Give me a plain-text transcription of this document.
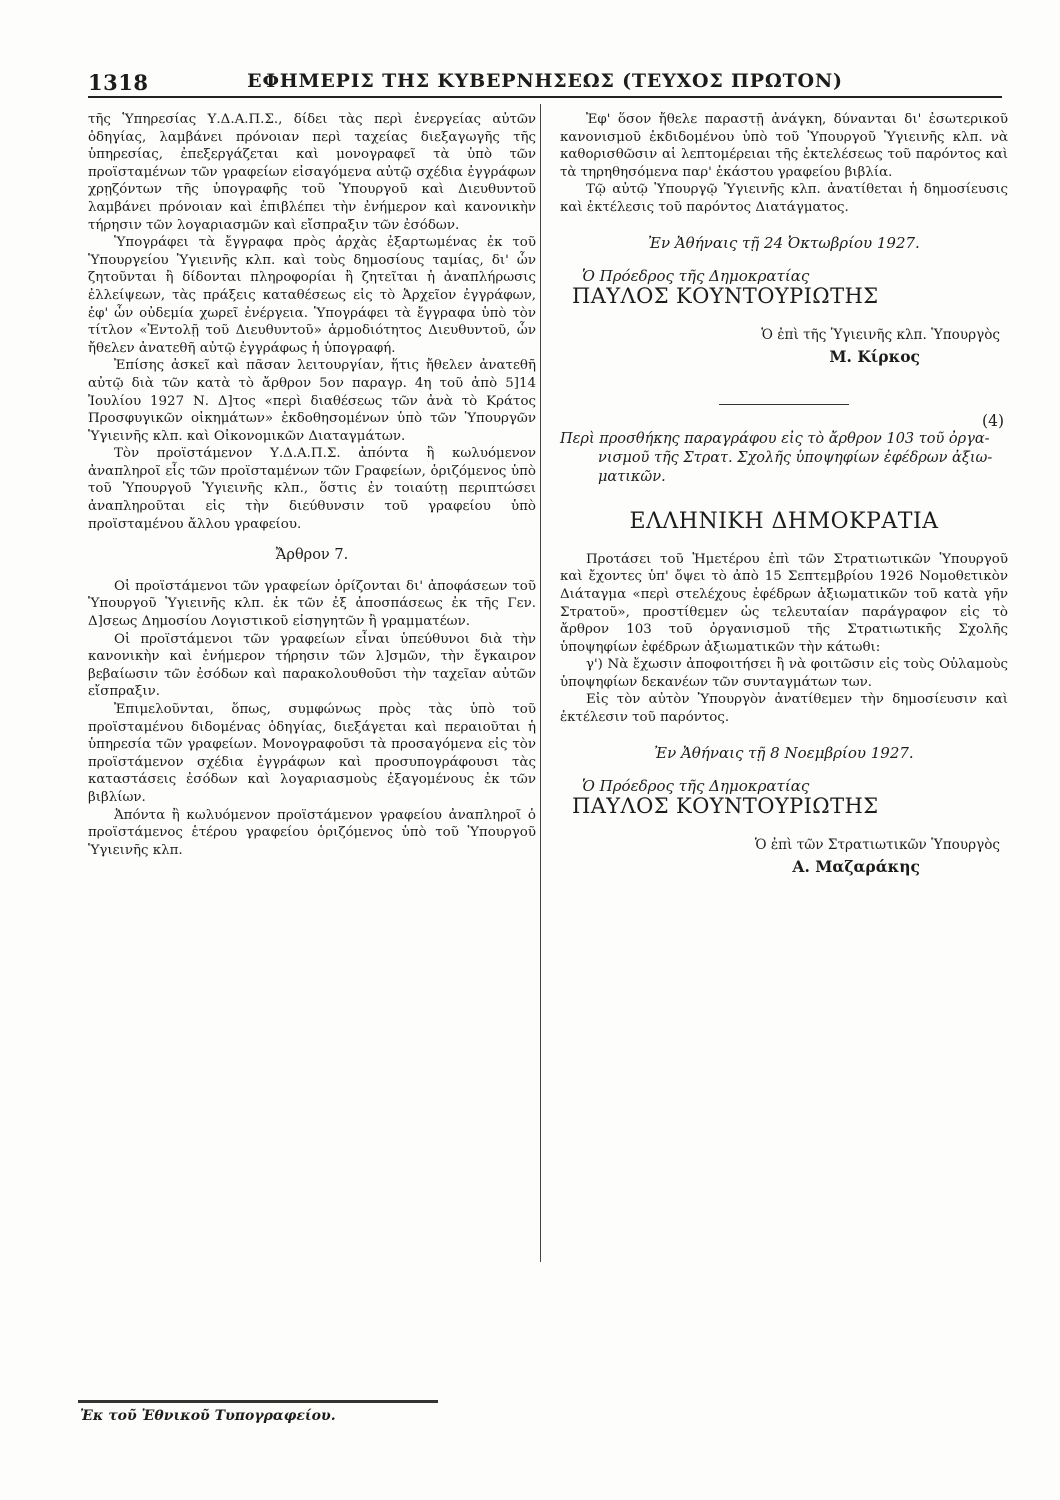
1318	ΕΦΗΜΕΡΙΣ ΤΗΣ ΚΥΒΕΡΝΗΣΕΩΣ (ΤΕΥΧΟΣ ΠΡΩΤΟΝ)

τῆς Ὑπηρεσίας Υ.Δ.Α.Π.Σ., δίδει τὰς περὶ ἐνεργείας αὐτῶν ὁδηγίας, λαμβάνει πρόνοιαν περὶ ταχείας διεξαγωγῆς τῆς ὑπηρεσίας, ἐπεξεργάζεται καὶ μονογραφεῖ τὰ ὑπὸ τῶν προϊσταμένων τῶν γραφείων εἰσαγόμενα αὐτῷ σχέδια ἐγγράφων χρῃζόντων τῆς ὑπογραφῆς τοῦ Ὑπουργοῦ καὶ Διευθυντοῦ λαμβάνει πρόνοιαν καὶ ἐπιβλέπει τὴν ἐνήμερον καὶ κανονικὴν τήρησιν τῶν λογαριασμῶν καὶ εἴσπραξιν τῶν ἐσόδων.

Ὑπογράφει τὰ ἔγγραφα πρὸς ἀρχὰς ἐξαρτωμένας ἐκ τοῦ Ὑπουργείου Ὑγιεινῆς κλπ. καὶ τοὺς δημοσίους ταμίας, δι' ὧν ζητοῦνται ἢ δίδονται πληροφορίαι ἢ ζητεῖται ἡ ἀναπλήρωσις ἐλλείψεων, τὰς πράξεις καταθέσεως εἰς τὸ Ἀρχεῖον ἐγγράφων, ἐφ' ὧν οὐδεμία χωρεῖ ἐνέργεια. Ὑπογράφει τὰ ἔγγραφα ὑπὸ τὸν τίτλον «Ἐντολῇ τοῦ Διευθυντοῦ» ἁρμοδιότητος Διευθυντοῦ, ὧν ἤθελεν ἀνατεθῆ αὐτῷ ἐγγράφως ἡ ὑπογραφή.

Ἐπίσης ἀσκεῖ καὶ πᾶσαν λειτουργίαν, ἥτις ἤθελεν ἀνατεθῆ αὐτῷ διὰ τῶν κατὰ τὸ ἄρθρον 5ον παραγρ. 4η τοῦ ἀπὸ 5]14 Ἰουλίου 1927 Ν. Δ]τος «περὶ διαθέσεως τῶν ἀνὰ τὸ Κράτος Προσφυγικῶν οἰκημάτων» ἐκδοθησομένων ὑπὸ τῶν Ὑπουργῶν Ὑγιεινῆς κλπ. καὶ Οἰκονομικῶν Διαταγμάτων.

Τὸν προϊστάμενον Υ.Δ.Α.Π.Σ. ἀπόντα ἢ κωλυόμενον ἀναπληροῖ εἷς τῶν προϊσταμένων τῶν Γραφείων, ὁριζόμενος ὑπὸ τοῦ Ὑπουργοῦ Ὑγιεινῆς κλπ., ὅστις ἐν τοιαύτῃ περιπτώσει ἀναπληροῦται εἰς τὴν διεύθυνσιν τοῦ γραφείου ὑπὸ προϊσταμένου ἄλλου γραφείου.

Ἄρθρον 7.

Οἱ προϊστάμενοι τῶν γραφείων ὁρίζονται δι' ἀποφάσεων τοῦ Ὑπουργοῦ Ὑγιεινῆς κλπ. ἐκ τῶν ἐξ ἀποσπάσεως ἐκ τῆς Γεν. Δ]σεως Δημοσίου Λογιστικοῦ εἰσηγητῶν ἢ γραμματέων.

Οἱ προϊστάμενοι τῶν γραφείων εἶναι ὑπεύθυνοι διὰ τὴν κανονικὴν καὶ ἐνήμερον τήρησιν τῶν λ]σμῶν, τὴν ἔγκαιρον βεβαίωσιν τῶν ἐσόδων καὶ παρακολουθοῦσι τὴν ταχεῖαν αὐτῶν εἴσπραξιν.

Ἐπιμελοῦνται, ὅπως, συμφώνως πρὸς τὰς ὑπὸ τοῦ προϊσταμένου διδομένας ὁδηγίας, διεξάγεται καὶ περαιοῦται ἡ ὑπηρεσία τῶν γραφείων. Μονογραφοῦσι τὰ προσαγόμενα εἰς τὸν προϊστάμενον σχέδια ἐγγράφων καὶ προσυπογράφουσι τὰς καταστάσεις ἐσόδων καὶ λογαριασμοὺς ἐξαγομένους ἐκ τῶν βιβλίων.

Ἀπόντα ἢ κωλυόμενον προϊστάμενον γραφείου ἀναπληροῖ ὁ προϊστάμενος ἑτέρου γραφείου ὁριζόμενος ὑπὸ τοῦ Ὑπουργοῦ Ὑγιεινῆς κλπ.

Ἐφ' ὅσον ἤθελε παραστῇ ἀνάγκη, δύνανται δι' ἐσωτερικοῦ κανονισμοῦ ἐκδιδομένου ὑπὸ τοῦ Ὑπουργοῦ Ὑγιεινῆς κλπ. νὰ καθορισθῶσιν αἱ λεπτομέρειαι τῆς ἐκτελέσεως τοῦ παρόντος καὶ τὰ τηρηθησόμενα παρ' ἑκάστου γραφείου βιβλία.

Τῷ αὐτῷ Ὑπουργῷ Ὑγιεινῆς κλπ. ἀνατίθεται ἡ δημοσίευσις καὶ ἐκτέλεσις τοῦ παρόντος Διατάγματος.

Ἐν Ἀθήναις τῇ 24 Ὀκτωβρίου 1927.

Ὁ Πρόεδρος τῆς Δημοκρατίας

ΠΑΥΛΟΣ ΚΟΥΝΤΟΥΡΙΩΤΗΣ

Ὁ ἐπὶ τῆς Ὑγιεινῆς κλπ. Ὑπουργὸς

Μ. Κίρκος

(4)

Περὶ προσθήκης παραγράφου εἰς τὸ ἄρθρον 103 τοῦ ὀργα-
νισμοῦ τῆς Στρατ. Σχολῆς ὑποψηφίων ἐφέδρων ἀξιω-
ματικῶν.

ΕΛΛΗΝΙΚΗ ΔΗΜΟΚΡΑΤΙΑ

Προτάσει τοῦ Ἡμετέρου ἐπὶ τῶν Στρατιωτικῶν Ὑπουργοῦ καὶ ἔχοντες ὑπ' ὄψει τὸ ἀπὸ 15 Σεπτεμβρίου 1926 Νομοθετικὸν Διάταγμα «περὶ στελέχους ἐφέδρων ἀξιωματικῶν τοῦ κατὰ γῆν Στρατοῦ», προστίθεμεν ὡς τελευταίαν παράγραφον εἰς τὸ ἄρθρον 103 τοῦ ὀργανισμοῦ τῆς Στρατιωτικῆς Σχολῆς ὑποψηφίων ἐφέδρων ἀξιωματικῶν τὴν κάτωθι:

γ') Νὰ ἔχωσιν ἀποφοιτήσει ἢ νὰ φοιτῶσιν εἰς τοὺς Οὐλαμοὺς ὑποψηφίων δεκανέων τῶν συνταγμάτων των.

Εἰς τὸν αὐτὸν Ὑπουργὸν ἀνατίθεμεν τὴν δημοσίευσιν καὶ ἐκτέλεσιν τοῦ παρόντος.

Ἐν Ἀθήναις τῇ 8 Νοεμβρίου 1927.

Ὁ Πρόεδρος τῆς Δημοκρατίας

ΠΑΥΛΟΣ ΚΟΥΝΤΟΥΡΙΩΤΗΣ

Ὁ ἐπὶ τῶν Στρατιωτικῶν Ὑπουργὸς

Α. Μαζαράκης

Ἐκ τοῦ Ἐθνικοῦ Τυπογραφείου.
